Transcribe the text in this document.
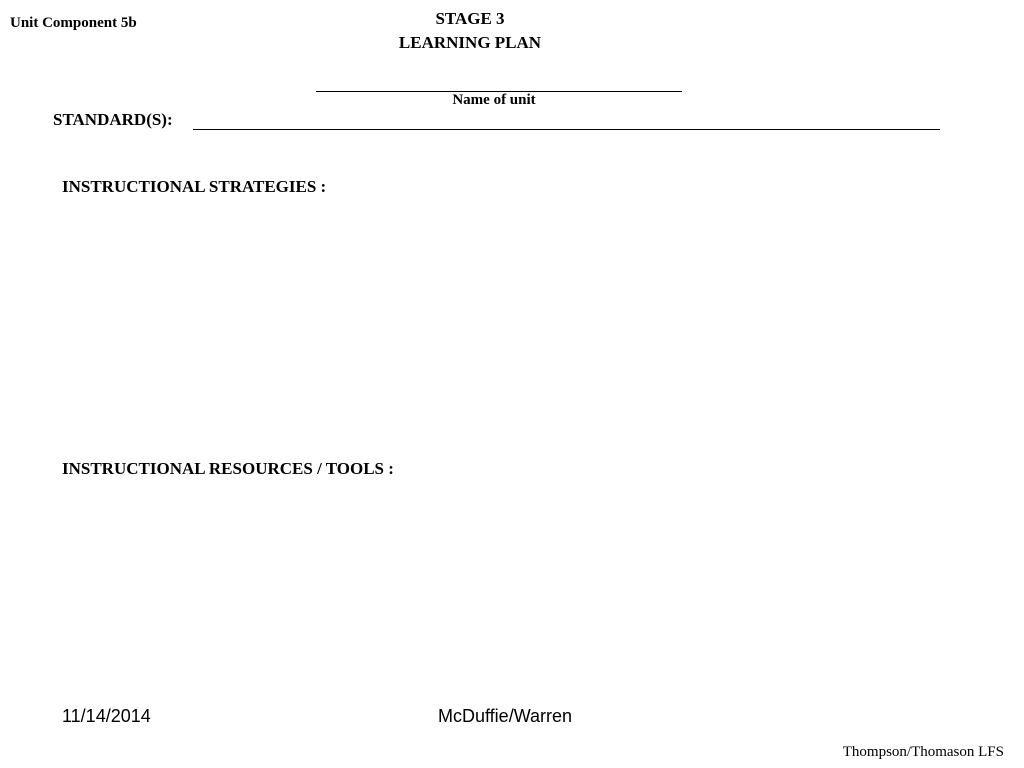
Unit Component 5b	STAGE 3
LEARNING PLAN
Name of unit
STANDARD(S):
INSTRUCTIONAL STRATEGIES :
INSTRUCTIONAL RESOURCES / TOOLS :
11/14/2014	McDuffie/Warren
Thompson/Thomason LFS
